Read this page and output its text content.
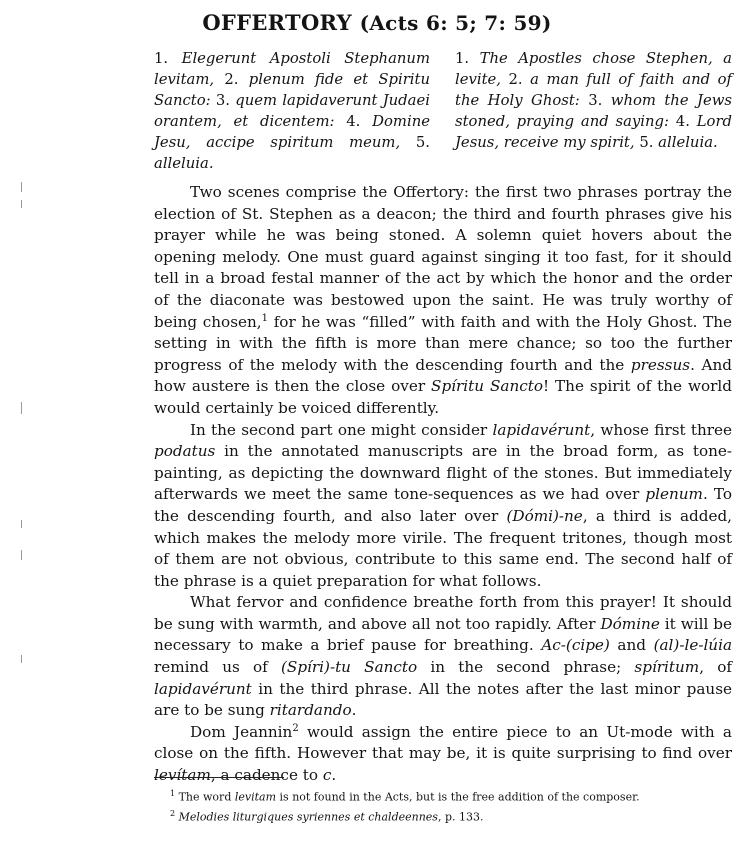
OFFERTORY (Acts 6: 5; 7: 59)
1. Elegerunt Apostoli Stephanum levitam, 2. plenum fide et Spiritu Sancto: 3. quem lapidaverunt Judaei orantem, et dicentem: 4. Domine Jesu, accipe spiritum meum, 5. alleluia.
1. The Apostles chose Stephen, a levite, 2. a man full of faith and of the Holy Ghost: 3. whom the Jews stoned, praying and saying: 4. Lord Jesus, receive my spirit, 5. alleluia.

Two scenes comprise the Offertory: the first two phrases portray the election of St. Stephen as a deacon; the third and fourth phrases give his prayer while he was being stoned. A solemn quiet hovers about the opening melody. One must guard against singing it too fast, for it should tell in a broad festal manner of the act by which the honor and the order of the diaconate was bestowed upon the saint. He was truly worthy of being chosen,$^1$ for he was “filled” with faith and with the Holy Ghost. The setting in with the fifth is more than mere chance; so too the further progress of the melody with the descending fourth and the pressus. And how austere is then the close over Spíritu Sancto! The spirit of the world would certainly be voiced differently.

In the second part one might consider lapidavérunt, whose first three podatus in the annotated manuscripts are in the broad form, as tone-painting, as depicting the downward flight of the stones. But immediately afterwards we meet the same tone-sequences as we had over plenum. To the descending fourth, and also later over (Dómi)-ne, a third is added, which makes the melody more virile. The frequent tritones, though most of them are not obvious, contribute to this same end. The second half of the phrase is a quiet preparation for what follows.

What fervor and confidence breathe forth from this prayer! It should be sung with warmth, and above all not too rapidly. After Dómine it will be necessary to make a brief pause for breathing. Ac-(cipe) and (al)-le-lúia remind us of (Spíri)-tu Sancto in the second phrase; spíritum, of lapidavérunt in the third phrase. All the notes after the last minor pause are to be sung ritardando.

Dom Jeannin$^2$ would assign the entire piece to an Ut-mode with a close on the fifth. However that may be, it is quite surprising to find over levítam, a cadence to c.

$^1$ The word levitam is not found in the Acts, but is the free addition of the composer.
$^2$ Melodies liturgiques syriennes et chaldeennes, p. 133.
